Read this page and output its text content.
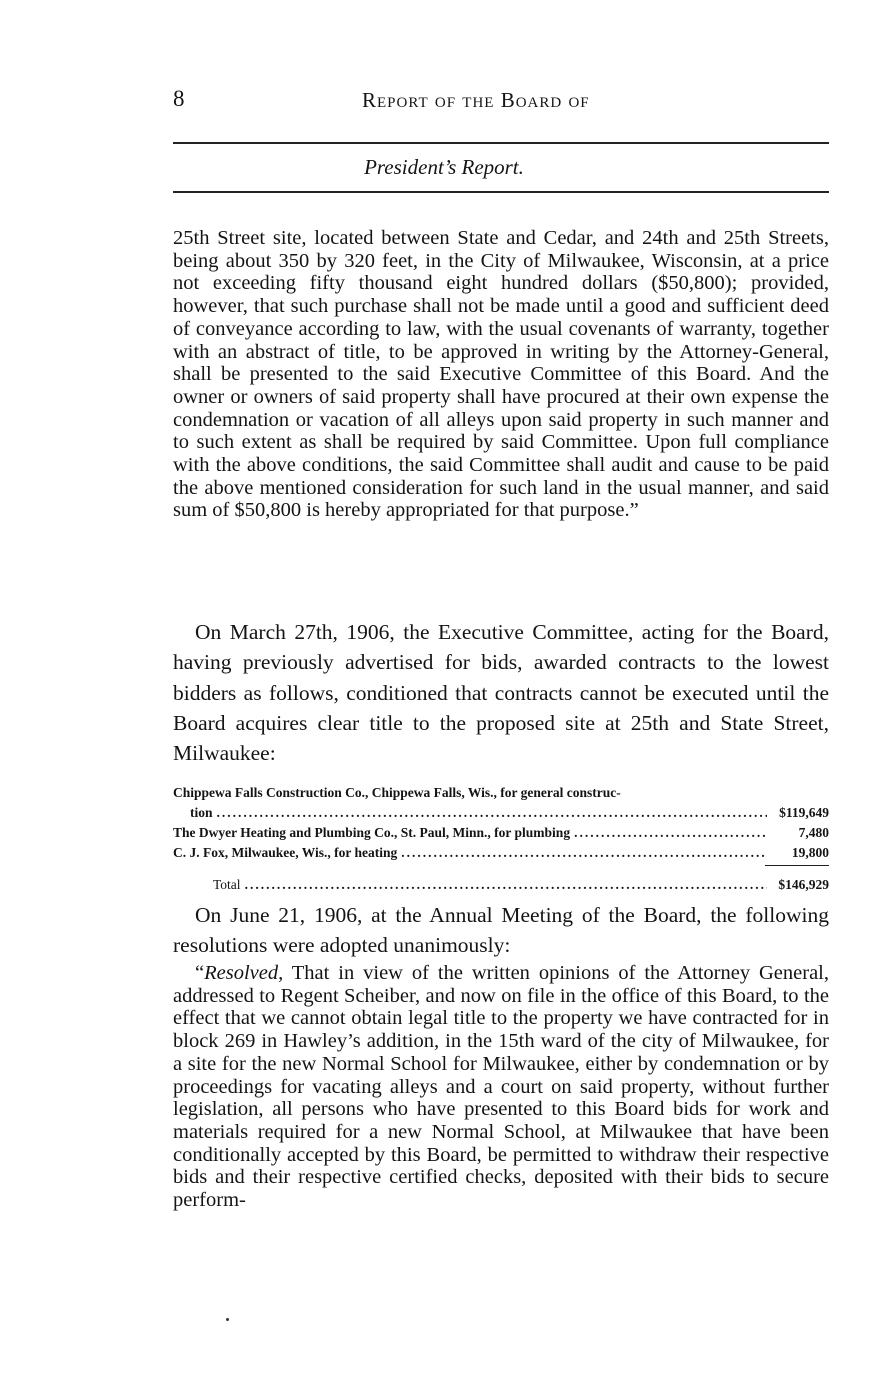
8	Report of the Board of
President’s Report.

25th Street site, located between State and Cedar, and 24th and 25th Streets, being about 350 by 320 feet, in the City of Milwaukee, Wisconsin, at a price not exceeding fifty thousand eight hundred dollars ($50,800); provided, however, that such purchase shall not be made until a good and sufficient deed of conveyance according to law, with the usual covenants of warranty, together with an abstract of title, to be approved in writing by the Attorney-General, shall be presented to the said Executive Committee of this Board. And the owner or owners of said property shall have procured at their own expense the condemnation or vacation of all alleys upon said property in such manner and to such extent as shall be required by said Committee. Upon full compliance with the above conditions, the said Committee shall audit and cause to be paid the above mentioned consideration for such land in the usual manner, and said sum of $50,800 is hereby appropriated for that purpose.”

On March 27th, 1906, the Executive Committee, acting for the Board, having previously advertised for bids, awarded contracts to the lowest bidders as follows, conditioned that contracts cannot be executed until the Board acquires clear title to the proposed site at 25th and State Street, Milwaukee:

Chippewa Falls Construction Co., Chippewa Falls, Wis., for general construc-
tion .....	$119,649
The Dwyer Heating and Plumbing Co., St. Paul, Minn., for plumbing .....	7,480
C. J. Fox, Milwaukee, Wis., for heating .....	19,800
Total .....	$146,929

On June 21, 1906, at the Annual Meeting of the Board, the following resolutions were adopted unanimously:

“Resolved, That in view of the written opinions of the Attorney General, addressed to Regent Scheiber, and now on file in the office of this Board, to the effect that we cannot obtain legal title to the property we have contracted for in block 269 in Hawley’s addition, in the 15th ward of the city of Milwaukee, for a site for the new Normal School for Milwaukee, either by condemnation or by proceedings for vacating alleys and a court on said property, without further legislation, all persons who have presented to this Board bids for work and materials required for a new Normal School, at Milwaukee that have been conditionally accepted by this Board, be permitted to withdraw their respective bids and their respective certified checks, deposited with their bids to secure perform-
